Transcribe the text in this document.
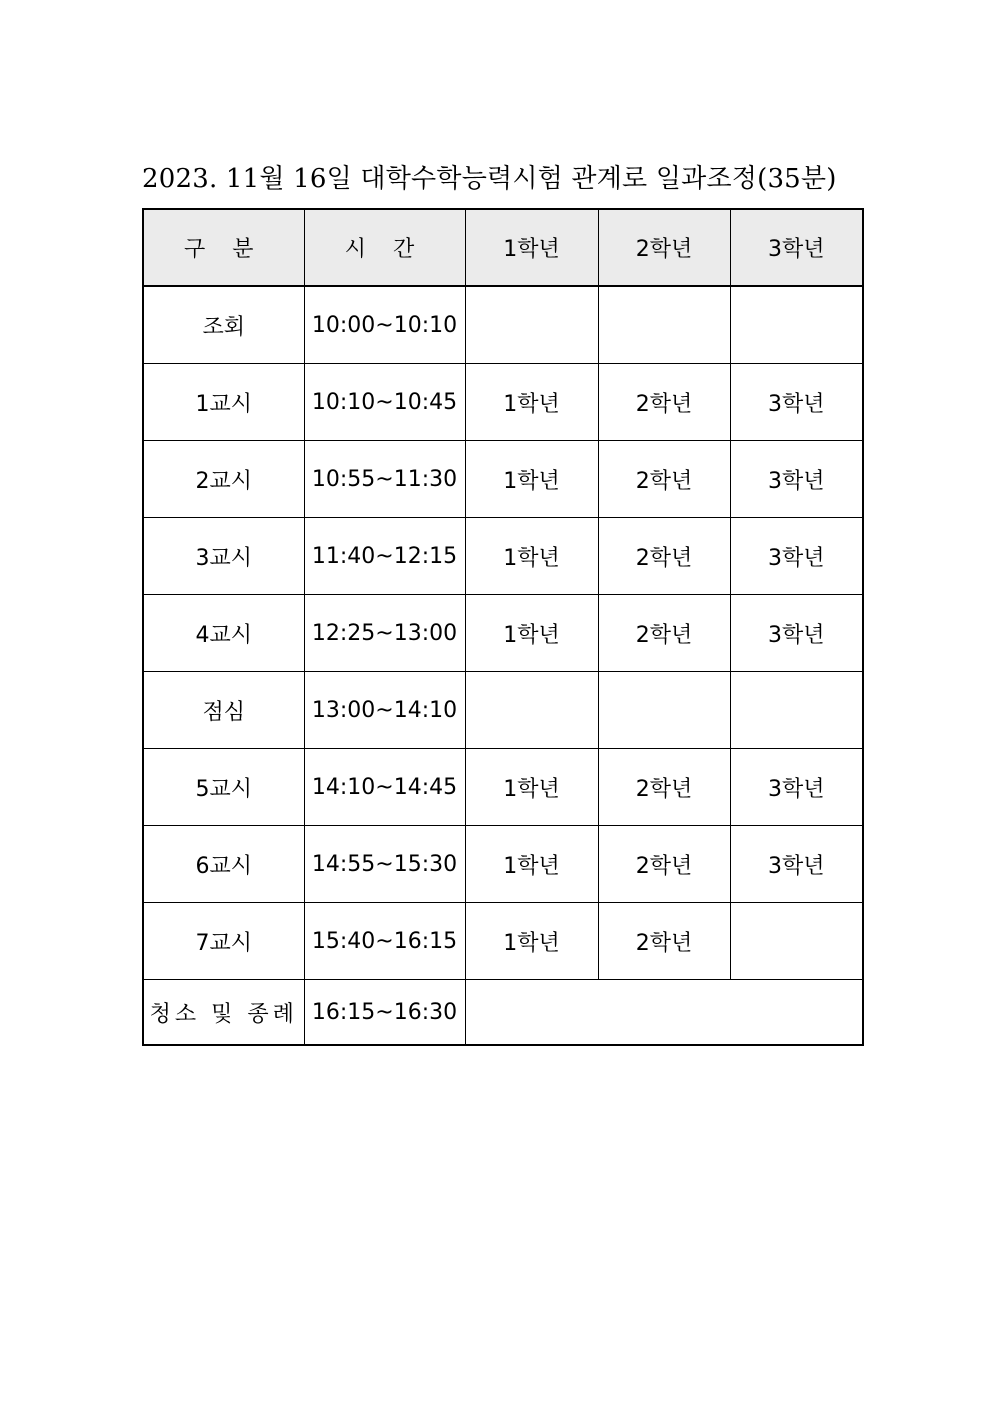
2023. 11월 16일 대학수학능력시험 관계로 일과조정(35분)
구 분	시 간	1학년	2학년	3학년
조회	10:00~10:10			
1교시	10:10~10:45	1학년	2학년	3학년
2교시	10:55~11:30	1학년	2학년	3학년
3교시	11:40~12:15	1학년	2학년	3학년
4교시	12:25~13:00	1학년	2학년	3학년
점심	13:00~14:10			
5교시	14:10~14:45	1학년	2학년	3학년
6교시	14:55~15:30	1학년	2학년	3학년
7교시	15:40~16:15	1학년	2학년	
청소 및 종례	16:15~16:30			
